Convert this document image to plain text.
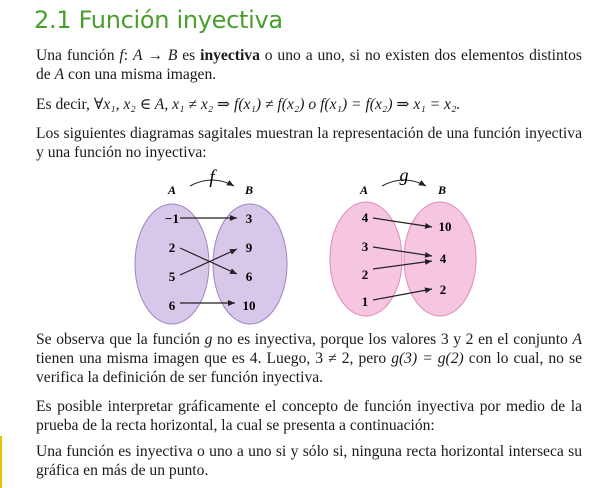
2.1 Función inyectiva
Una función f: A → B es inyectiva o uno a uno, si no existen dos elementos distintos de A con una misma imagen.
Es decir, ∀x₁, x₂ ∈ A, x₁ ≠ x₂ ⇒ f(x₁) ≠ f(x₂) o f(x₁) = f(x₂) ⇒ x₁ = x₂.
Los siguientes diagramas sagitales muestran la representación de una función inyectiva y una función no inyectiva:
f
A	B
−1
2
5
6
3
9
6
10
g
A	B
4
3
2
1
10
4
2
Se observa que la función g no es inyectiva, porque los valores 3 y 2 en el conjunto A tienen una misma imagen que es 4. Luego, 3 ≠ 2, pero g(3) = g(2) con lo cual, no se verifica la definición de ser función inyectiva.
Es posible interpretar gráficamente el concepto de función inyectiva por medio de la prueba de la recta horizontal, la cual se presenta a continuación:
Una función es inyectiva o uno a uno si y sólo si, ninguna recta horizontal interseca su gráfica en más de un punto.
